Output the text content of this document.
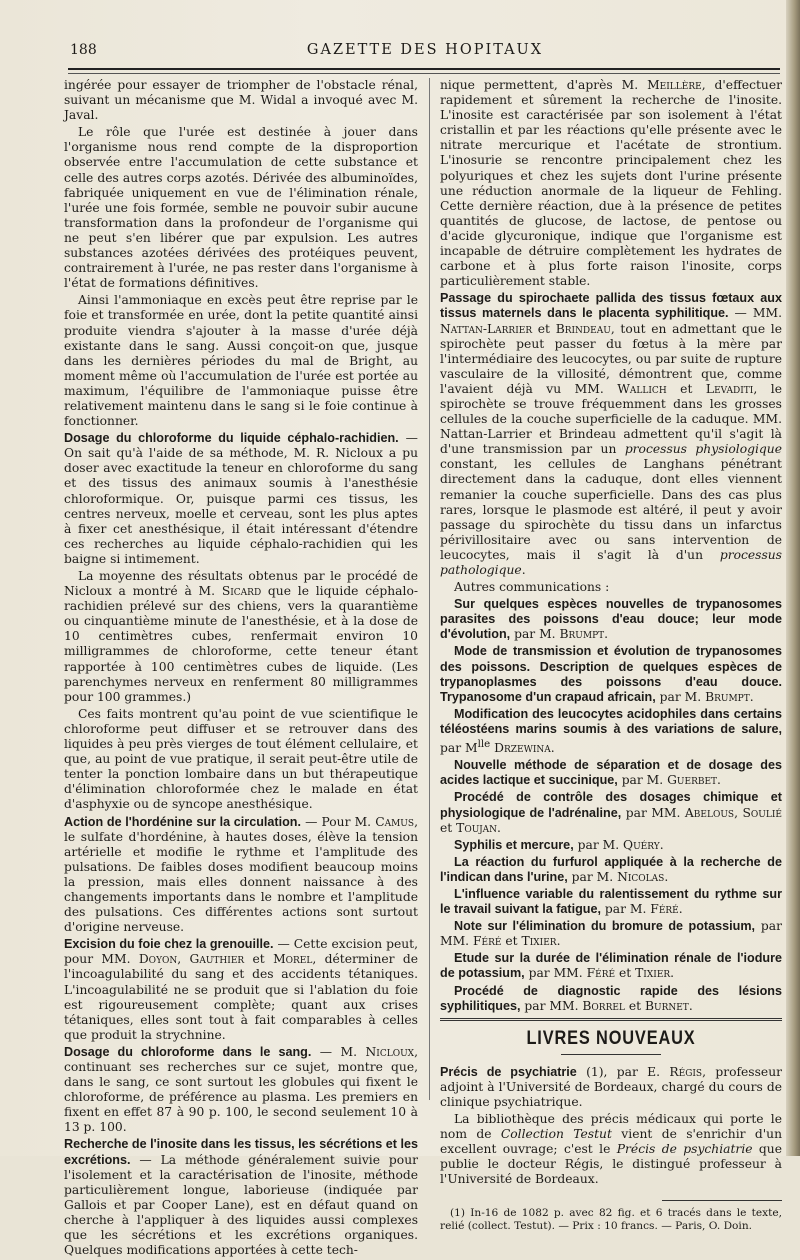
188	GAZETTE DES HOPITAUX

ingérée pour essayer de triompher de l'obstacle rénal, suivant un mécanisme que M. Widal a invoqué avec M. Javal.

Le rôle que l'urée est destinée à jouer dans l'organisme nous rend compte de la disproportion observée entre l'accumulation de cette substance et celle des autres corps azotés. Dérivée des albuminoïdes, fabriquée uniquement en vue de l'élimination rénale, l'urée une fois formée, semble ne pouvoir subir aucune transformation dans la profondeur de l'organisme qui ne peut s'en libérer que par expulsion. Les autres substances azotées dérivées des protéiques peuvent, contrairement à l'urée, ne pas rester dans l'organisme à l'état de formations définitives.

Ainsi l'ammoniaque en excès peut être reprise par le foie et transformée en urée, dont la petite quantité ainsi produite viendra s'ajouter à la masse d'urée déjà existante dans le sang. Aussi conçoit-on que, jusque dans les dernières périodes du mal de Bright, au moment même où l'accumulation de l'urée est portée au maximum, l'équilibre de l'ammoniaque puisse être relativement maintenu dans le sang si le foie continue à fonctionner.

Dosage du chloroforme du liquide céphalo-rachidien. — On sait qu'à l'aide de sa méthode, M. R. Nicloux a pu doser avec exactitude la teneur en chloroforme du sang et des tissus des animaux soumis à l'anesthésie chloroformique. Or, puisque parmi ces tissus, les centres nerveux, moelle et cerveau, sont les plus aptes à fixer cet anesthésique, il était intéressant d'étendre ces recherches au liquide céphalo-rachidien qui les baigne si intimement.

La moyenne des résultats obtenus par le procédé de Nicloux a montré à M. Sicard que le liquide céphalo-rachidien prélevé sur des chiens, vers la quarantième ou cinquantième minute de l'anesthésie, et à la dose de 10 centimètres cubes, renfermait environ 10 milligrammes de chloroforme, cette teneur étant rapportée à 100 centimètres cubes de liquide. (Les parenchymes nerveux en renferment 80 milligrammes pour 100 grammes.)

Ces faits montrent qu'au point de vue scientifique le chloroforme peut diffuser et se retrouver dans des liquides à peu près vierges de tout élément cellulaire, et que, au point de vue pratique, il serait peut-être utile de tenter la ponction lombaire dans un but thérapeutique d'élimination chloroformée chez le malade en état d'asphyxie ou de syncope anesthésique.

Action de l'hordénine sur la circulation. — Pour M. Camus, le sulfate d'hordénine, à hautes doses, élève la tension artérielle et modifie le rythme et l'amplitude des pulsations. De faibles doses modifient beaucoup moins la pression, mais elles donnent naissance à des changements importants dans le nombre et l'amplitude des pulsations. Ces différentes actions sont surtout d'origine nerveuse.

Excision du foie chez la grenouille. — Cette excision peut, pour MM. Doyon, Gauthier et Morel, déterminer de l'incoagulabilité du sang et des accidents tétaniques. L'incoagulabilité ne se produit que si l'ablation du foie est rigoureusement complète; quant aux crises tétaniques, elles sont tout à fait comparables à celles que produit la strychnine.

Dosage du chloroforme dans le sang. — M. Nicloux, continuant ses recherches sur ce sujet, montre que, dans le sang, ce sont surtout les globules qui fixent le chloroforme, de préférence au plasma. Les premiers en fixent en effet 87 à 90 p. 100, le second seulement 10 à 13 p. 100.

Recherche de l'inosite dans les tissus, les sécrétions et les excrétions. — La méthode généralement suivie pour l'isolement et la caractérisation de l'inosite, méthode particulièrement longue, laborieuse (indiquée par Gallois et par Cooper Lane), est en défaut quand on cherche à l'appliquer à des liquides aussi complexes que les sécrétions et les excrétions organiques. Quelques modifications apportées à cette tech-

nique permettent, d'après M. Meillère, d'effectuer rapidement et sûrement la recherche de l'inosite. L'inosite est caractérisée par son isolement à l'état cristallin et par les réactions qu'elle présente avec le nitrate mercurique et l'acétate de strontium. L'inosurie se rencontre principalement chez les polyuriques et chez les sujets dont l'urine présente une réduction anormale de la liqueur de Fehling. Cette dernière réaction, due à la présence de petites quantités de glucose, de lactose, de pentose ou d'acide glycuronique, indique que l'organisme est incapable de détruire complètement les hydrates de carbone et à plus forte raison l'inosite, corps particulièrement stable.

Passage du spirochaete pallida des tissus fœtaux aux tissus maternels dans le placenta syphilitique. — MM. Nattan-Larrier et Brindeau, tout en admettant que le spirochète peut passer du fœtus à la mère par l'intermédiaire des leucocytes, ou par suite de rupture vasculaire de la villosité, démontrent que, comme l'avaient déjà vu MM. Wallich et Levaditi, le spirochète se trouve fréquemment dans les grosses cellules de la couche superficielle de la caduque. MM. Nattan-Larrier et Brindeau admettent qu'il s'agit là d'une transmission par un processus physiologique constant, les cellules de Langhans pénétrant directement dans la caduque, dont elles viennent remanier la couche superficielle. Dans des cas plus rares, lorsque le plasmode est altéré, il peut y avoir passage du spirochète du tissu dans un infarctus périvillositaire avec ou sans intervention de leucocytes, mais il s'agit là d'un processus pathologique.

Autres communications :

Sur quelques espèces nouvelles de trypanosomes parasites des poissons d'eau douce; leur mode d'évolution, par M. Brumpt.

Mode de transmission et évolution de trypanosomes des poissons. Description de quelques espèces de trypanoplasmes des poissons d'eau douce. Trypanosome d'un crapaud africain, par M. Brumpt.

Modification des leucocytes acidophiles dans certains téléostéens marins soumis à des variations de salure, par $M^{lle}$ Drzewina.

Nouvelle méthode de séparation et de dosage des acides lactique et succinique, par M. Guerbet.

Procédé de contrôle des dosages chimique et physiologique de l'adrénaline, par MM. Abelous, Soulié et Toujan.

Syphilis et mercure, par M. Quéry.

La réaction du furfurol appliquée à la recherche de l'indican dans l'urine, par M. Nicolas.

L'influence variable du ralentissement du rythme sur le travail suivant la fatigue, par M. Féré.

Note sur l'élimination du bromure de potassium, par MM. Féré et Tixier.

Etude sur la durée de l'élimination rénale de l'iodure de potassium, par MM. Féré et Tixier.

Procédé de diagnostic rapide des lésions syphilitiques, par MM. Borrel et Burnet.

LIVRES NOUVEAUX

Précis de psychiatrie (1), par E. Régis, professeur adjoint à l'Université de Bordeaux, chargé du cours de clinique psychiatrique.

La bibliothèque des précis médicaux qui porte le nom de Collection Testut vient de s'enrichir d'un excellent ouvrage; c'est le Précis de psychiatrie que publie le docteur Régis, le distingué professeur à l'Université de Bordeaux.

(1) In-16 de 1082 p. avec 82 fig. et 6 tracés dans le texte, relié (collect. Testut). — Prix : 10 francs. — Paris, O. Doin.
